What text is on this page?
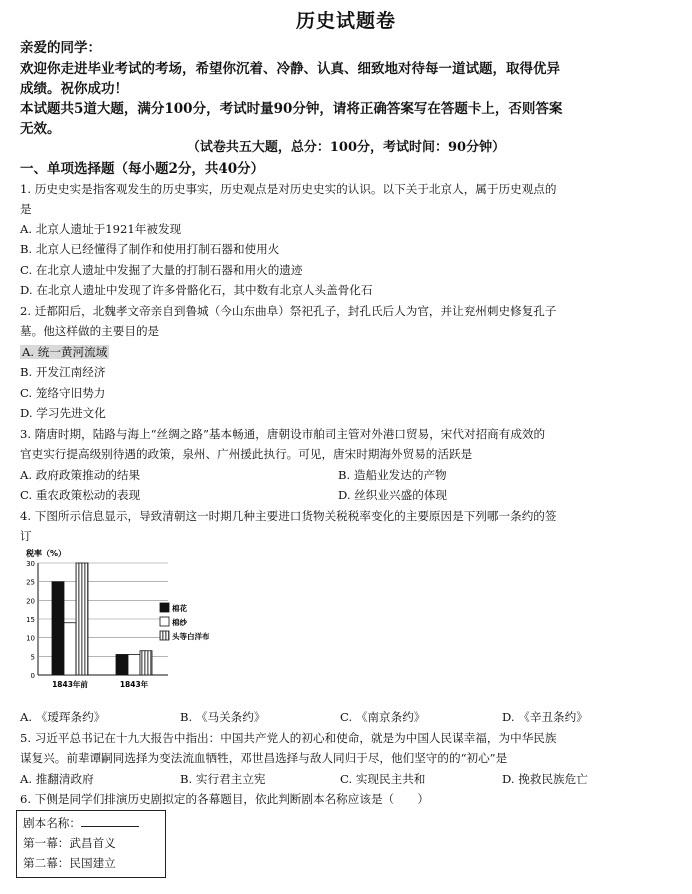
历史试题卷
亲爱的同学：
欢迎你走进毕业考试的考场，希望你沉着、冷静、认真、细致地对待每一道试题，取得优异
成绩。祝你成功！
本试题共5道大题，满分100分，考试时量90分钟，请将正确答案写在答题卡上，否则答案
无效。
（试卷共五大题，总分：100分，考试时间：90分钟）
一、单项选择题（每小题2分，共40分）
1. 历史史实是指客观发生的历史事实，历史观点是对历史史实的认识。以下关于北京人，属于历史观点的
是
A. 北京人遗址于1921年被发现
B. 北京人已经懂得了制作和使用打制石器和使用火
C. 在北京人遗址中发掘了大量的打制石器和用火的遗迹
D. 在北京人遗址中发现了许多骨骼化石，其中数有北京人头盖骨化石
2. 迁都阳后，北魏孝文帝亲自到鲁城（今山东曲阜）祭祀孔子，封孔氏后人为官，并让兖州刺史修复孔子
墓。他这样做的主要目的是
A. 统一黄河流域
B. 开发江南经济
C. 笼络守旧势力
D. 学习先进文化
3. 隋唐时期，陆路与海上“丝绸之路”基本畅通，唐朝设市舶司主管对外港口贸易，宋代对招商有成效的
官吏实行提高级别待遇的政策，泉州、广州援此执行。可见，唐宋时期海外贸易的活跃是
A. 政府政策推动的结果	B. 造船业发达的产物
C. 重农政策松动的表现	D. 丝织业兴盛的体现
4. 下图所示信息显示，导致清朝这一时期几种主要进口货物关税税率变化的主要原因是下列哪一条约的签
订
税率（%）
0
5
10
15
20
25
30
1843年前	1843年
棉花
棉纱
头等白洋布
A. 《瑷珲条约》	B. 《马关条约》	C. 《南京条约》	D. 《辛丑条约》
5. 习近平总书记在十九大报告中指出：中国共产党人的初心和使命，就是为中国人民谋幸福，为中华民族
谋复兴。前辈谭嗣同选择为变法流血牺牲，邓世昌选择与敌人同归于尽，他们坚守的的“初心”是
A. 推翻清政府	B. 实行君主立宪	C. 实现民主共和	D. 挽救民族危亡
6. 下侧是同学们排演历史剧拟定的各幕题目，依此判断剧本名称应该是（　　）
剧本名称：
第一幕：武昌首义
第二幕：民国建立
